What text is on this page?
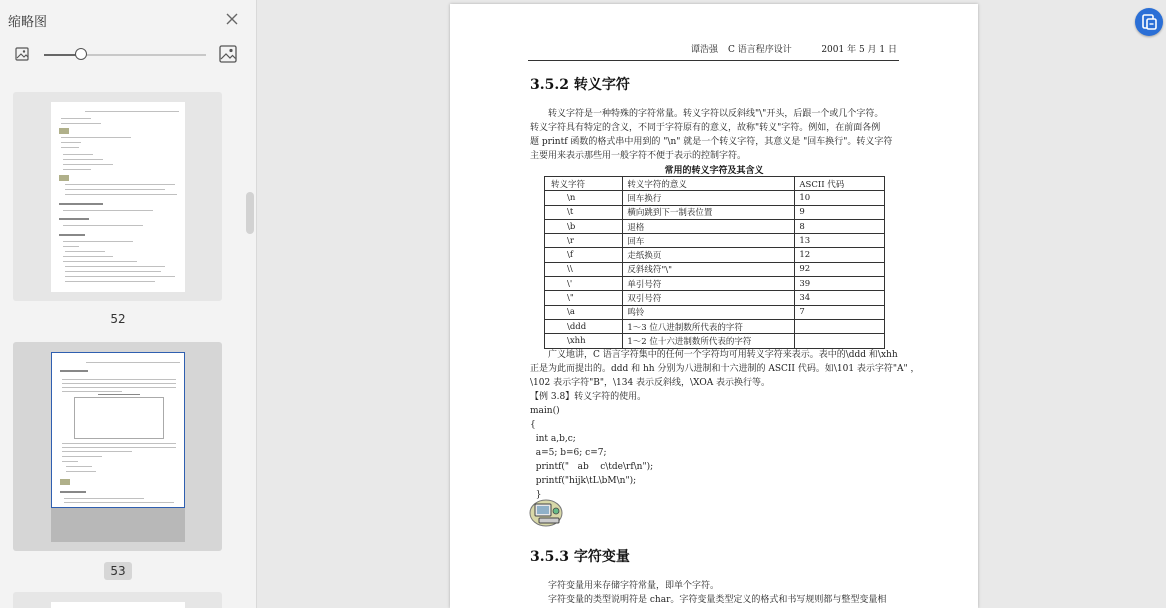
缩略图
52
53
谭浩强 C 语言程序设计	2001 年 5 月 1 日
3.5.2 转义字符

转义字符是一种特殊的字符常量。转义字符以反斜线"\"开头，后跟一个或几个字符。

转义字符具有特定的含义，不同于字符原有的意义，故称"转义"字符。例如，在前面各例

题 printf 函数的格式串中用到的 "\n" 就是一个转义字符，其意义是 "回车换行"。转义字符

主要用来表示那些用一般字符不便于表示的控制字符。

常用的转义字符及其含义
转义字符	转义字符的意义	ASCII 代码
\n	回车换行	10
\t	横向跳到下一制表位置	9
\b	退格	8
\r	回车	13
\f	走纸换页	12
\\	反斜线符"\"	92
\'	单引号符	39
\"	双引号符	34
\a	鸣铃	7
\ddd	1～3 位八进制数所代表的字符	
\xhh	1～2 位十六进制数所代表的字符	

广义地讲，C 语言字符集中的任何一个字符均可用转义字符来表示。表中的\ddd 和\xhh

正是为此而提出的。ddd 和 hh 分别为八进制和十六进制的 ASCII 代码。如\101 表示字符"A" ，

\102 表示字符"B"，\134 表示反斜线，\XOA 表示换行等。

【例 3.8】转义字符的使用。

main()

{

int a,b,c;

a=5; b=6; c=7;

printf("   ab    c\tde\rf\n");

printf("hijk\tL\bM\n");

}

3.5.3 字符变量

字符变量用来存储字符常量，即单个字符。

字符变量的类型说明符是 char。字符变量类型定义的格式和书写规则都与整型变量相
